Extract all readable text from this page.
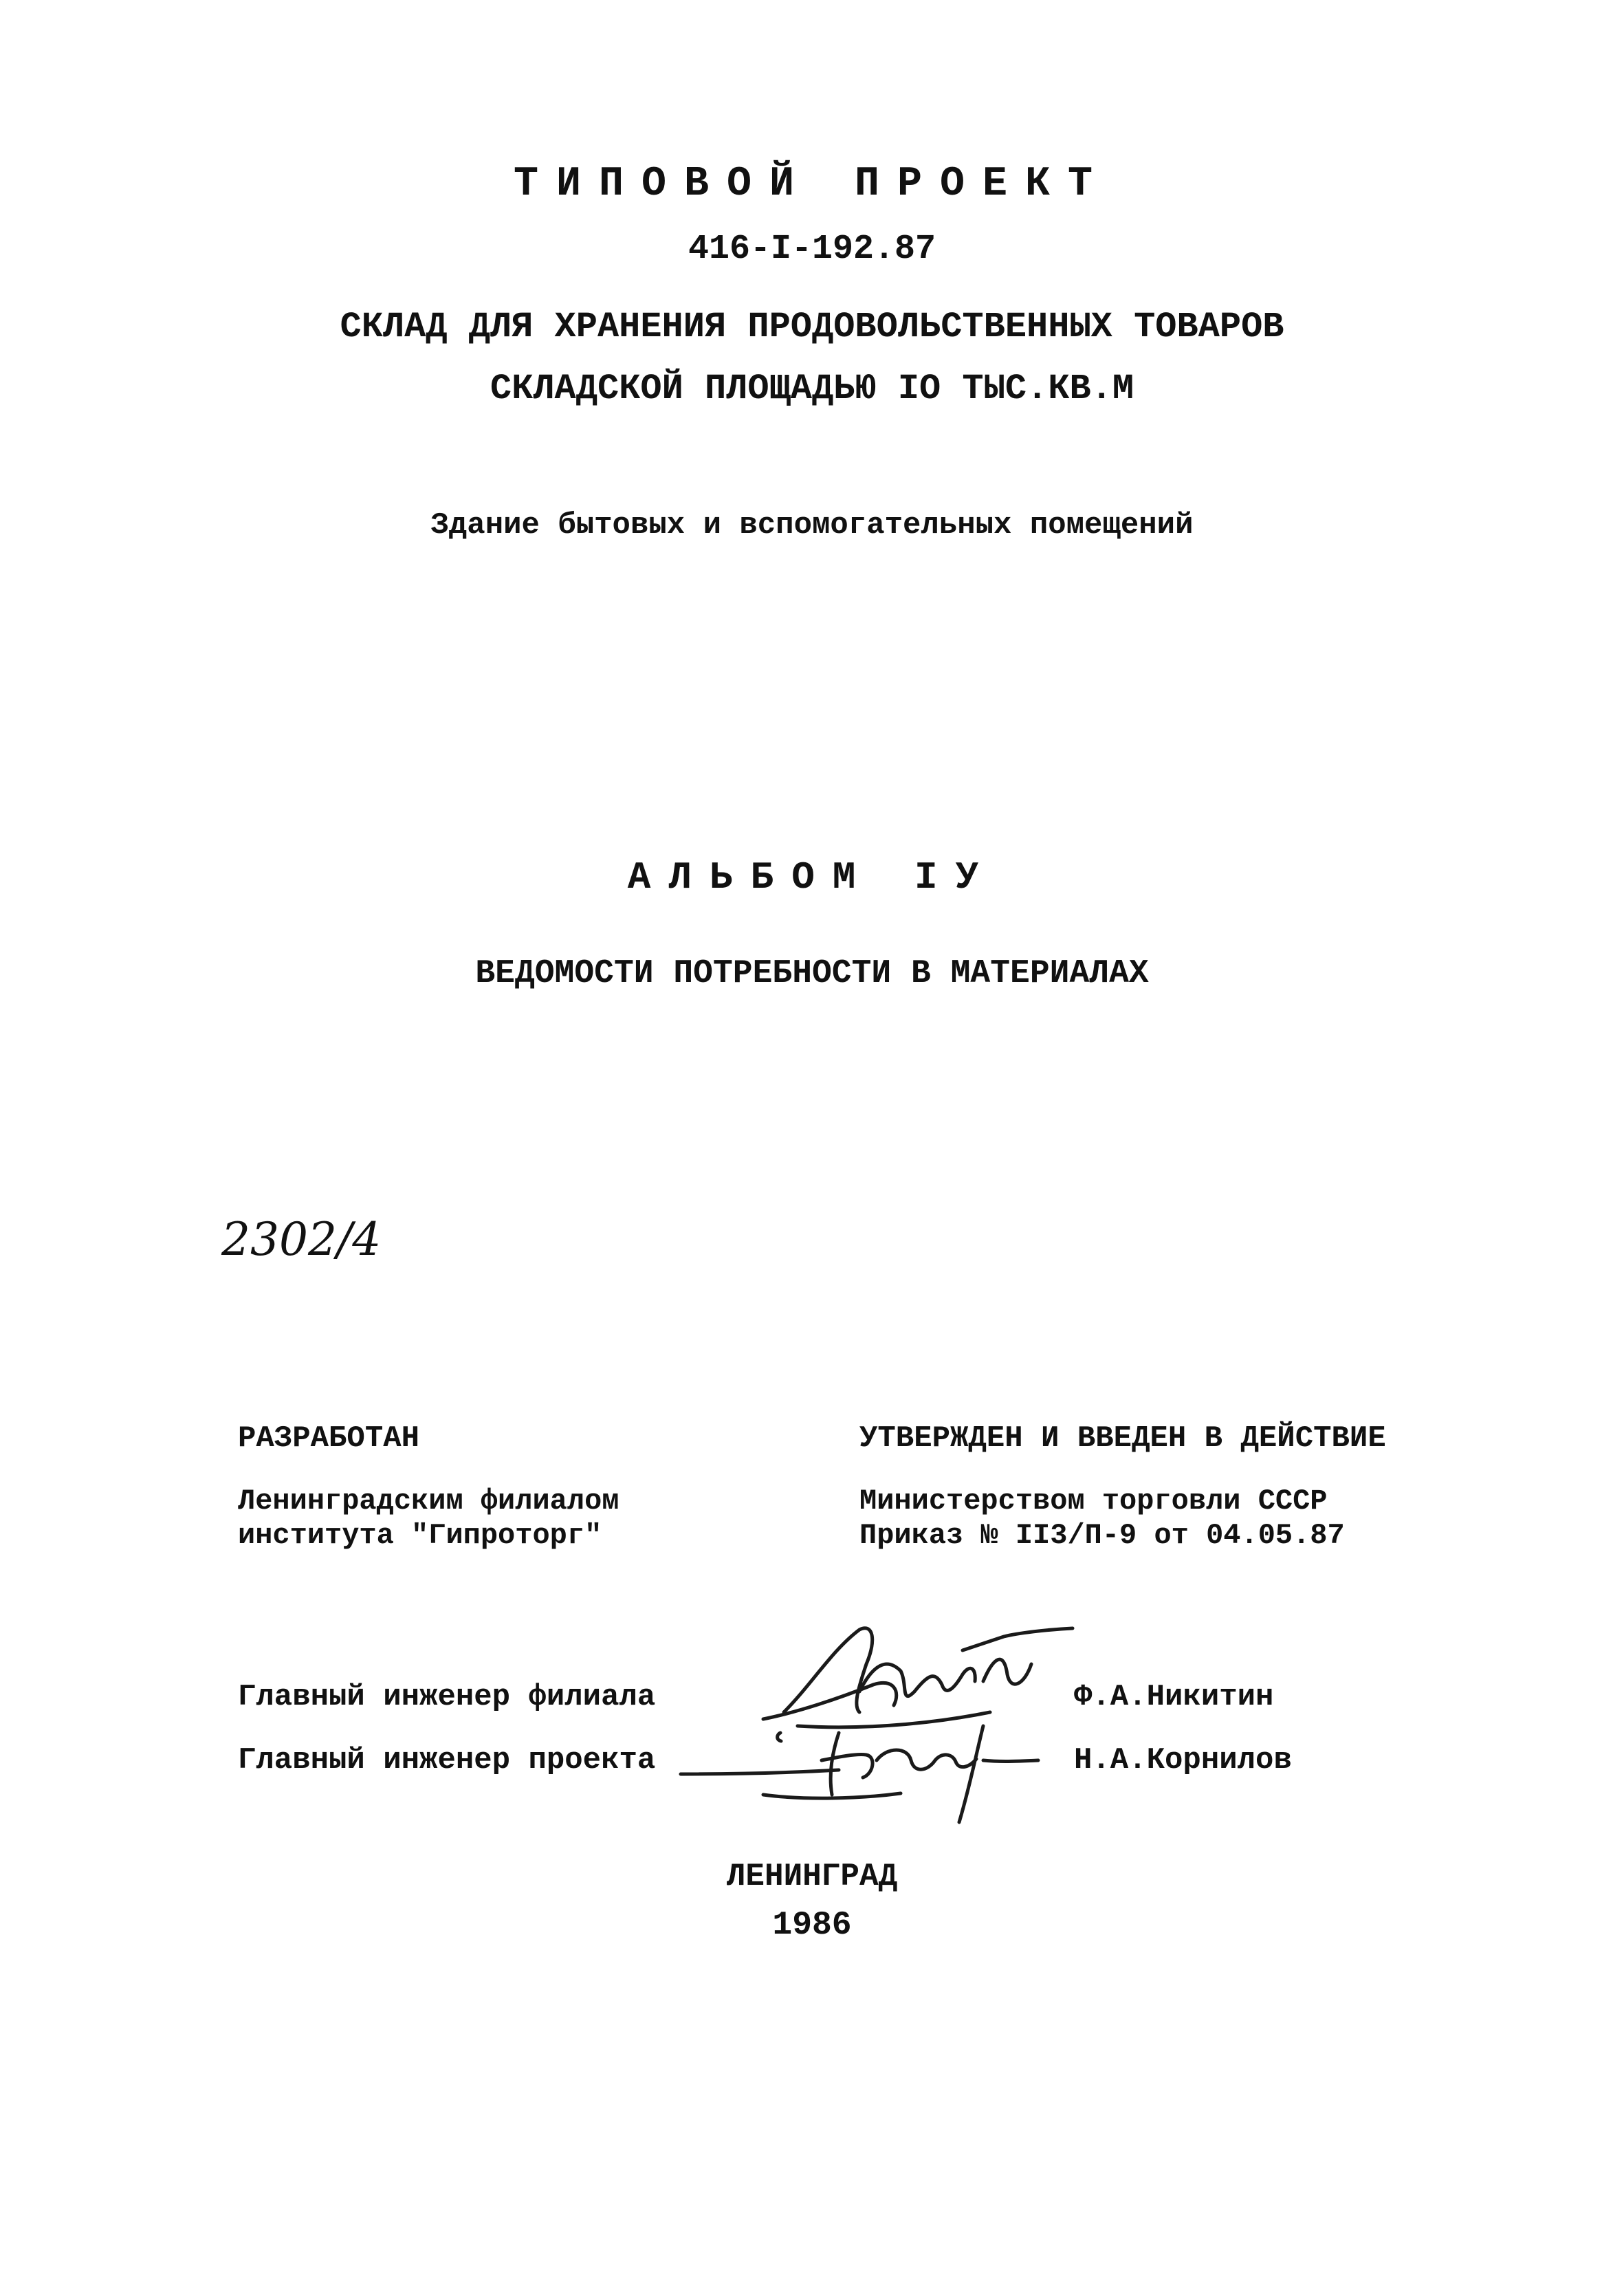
ТИПОВОЙ ПРОЕКТ
416-I-192.87
СКЛАД ДЛЯ ХРАНЕНИЯ ПРОДОВОЛЬСТВЕННЫХ ТОВАРОВ
СКЛАДСКОЙ ПЛОЩАДЬЮ IO ТЫС.КВ.М
Здание бытовых и вспомогательных помещений
АЛЬБОМ IУ
ВЕДОМОСТИ ПОТРЕБНОСТИ В МАТЕРИАЛАХ
2302/4
РАЗРАБОТАН
Ленинградским филиалом
института "Гипроторг"
УТВЕРЖДЕН И ВВЕДЕН В ДЕЙСТВИЕ
Министерством торговли СССР
Приказ № II3/П-9 от 04.05.87
Главный инженер филиала
Главный инженер проекта
Ф.А.Никитин
Н.А.Корнилов
ЛЕНИНГРАД
1986
